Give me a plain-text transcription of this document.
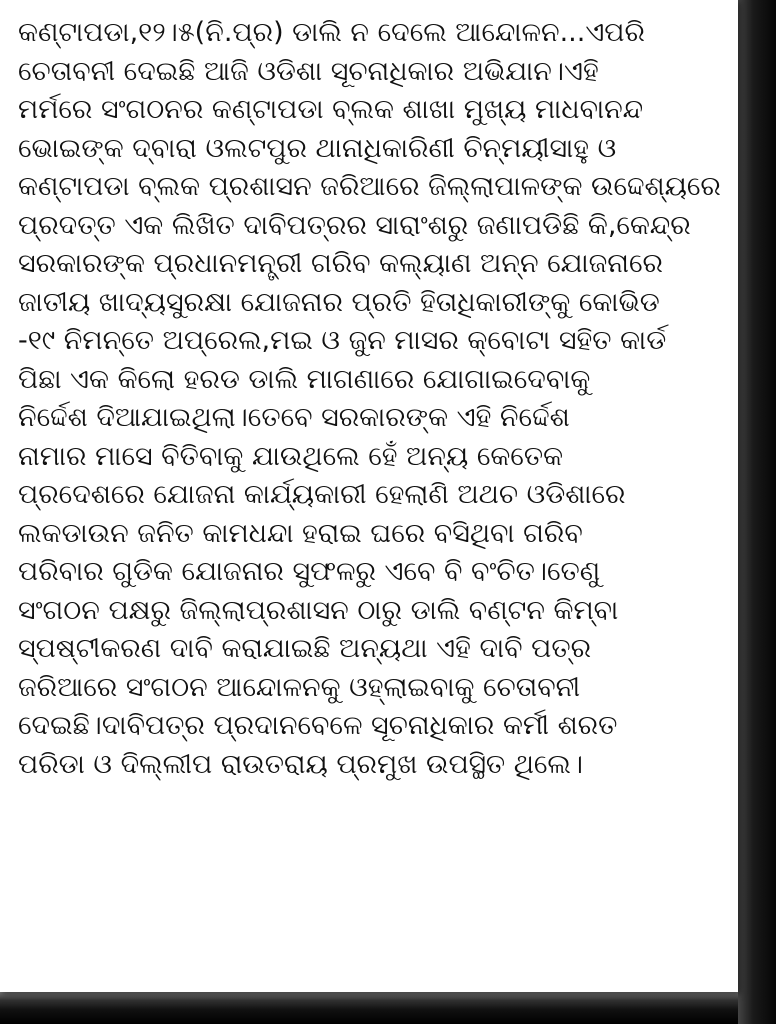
କଣ୍ଟାପଡା,୧୨।୫(ନି.ପ୍ର) ଡାଲି ନ ଦେଲେ ଆନ୍ଦୋଳନ...ଏପରି
ଚେତାବନୀ ଦେଇଛି ଆଜି ଓଡିଶା ସୂଚନାଧିକାର ଅଭିଯାନ।ଏହି
ମର୍ମରେ ସଂଗଠନର କଣ୍ଟାପଡା ବ୍ଲକ ଶାଖା ମୁଖ୍ୟ ମାଧବାନନ୍ଦ
ଭୋଇଙ୍କ ଦ୍ବାରା ଓଲଟପୁର ଥାନାଧିକାରିଣୀ ଚିନ୍ମୟୀସାହୁ ଓ
କଣ୍ଟାପଡା ବ୍ଲକ ପ୍ରଶାସନ ଜରିଆରେ ଜିଲ୍ଲାପାଳଙ୍କ ଉଦ୍ଦେଶ୍ୟରେ
ପ୍ରଦତ୍ତ ଏକ ଲିଖିତ ଦାବିପତ୍ରର ସାରାଂଶରୁ ଜଣାପଡିଛି କି,କେନ୍ଦ୍ର
ସରକାରଙ୍କ ପ୍ରଧାନମନ୍ତ୍ରୀ ଗରିବ କଲ୍ୟାଣ ଅନ୍ନ ଯୋଜନାରେ
ଜାତୀୟ ଖାଦ୍ୟସୁରକ୍ଷା ଯୋଜନାର ପ୍ରତି ହିତାଧିକାରୀଙ୍କୁ କୋଭିଡ
-୧୯ ନିମନ୍ତେ ଅପ୍ରେଲ,ମଇ ଓ ଜୁନ ମାସର କ୍ବୋଟା ସହିତ କାର୍ଡ
ପିଛା ଏକ କିଲୋ ହରଡ ଡାଲି ମାଗଣାରେ ଯୋଗାଇଦେବାକୁ
ନିର୍ଦ୍ଦେଶ ଦିଆଯାଇଥିଲା।ତେବେ ସରକାରଙ୍କ ଏହି ନିର୍ଦ୍ଦେଶ
ନାମାର ମାସେ ବିତିବାକୁ ଯାଉଥିଲେ ହେଁ ଅନ୍ୟ କେତେକ
ପ୍ରଦେଶରେ ଯୋଜନା କାର୍ଯ୍ୟକାରୀ ହେଲାଣି ଅଥଚ ଓଡିଶାରେ
ଲକଡାଉନ ଜନିତ କାମଧନ୍ଦା ହରାଇ ଘରେ ବସିଥିବା ଗରିବ
ପରିବାର ଗୁଡିକ ଯୋଜନାର ସୁଫଳରୁ ଏବେ ବି ବଂଚିତ।ତେଣୁ
ସଂଗଠନ ପକ୍ଷରୁ ଜିଲ୍ଲାପ୍ରଶାସନ ଠାରୁ ଡାଲି ବଣ୍ଟନ କିମ୍ବା
ସ୍ପଷ୍ଟୀକରଣ ଦାବି କରାଯାଇଛି ଅନ୍ୟଥା ଏହି ଦାବି ପତ୍ର
ଜରିଆରେ ସଂଗଠନ ଆନ୍ଦୋଳନକୁ ଓହ୍ଲାଇବାକୁ ଚେତାବନୀ
ଦେଇଛି।ଦାବିପତ୍ର ପ୍ରଦାନବେଳେ ସୂଚନାଧିକାର କର୍ମୀ ଶରତ
ପରିଡା ଓ ଦିଲ୍ଲୀପ ରାଉତରାୟ ପ୍ରମୁଖ ଉପସ୍ଥିତ ଥିଲେ।
